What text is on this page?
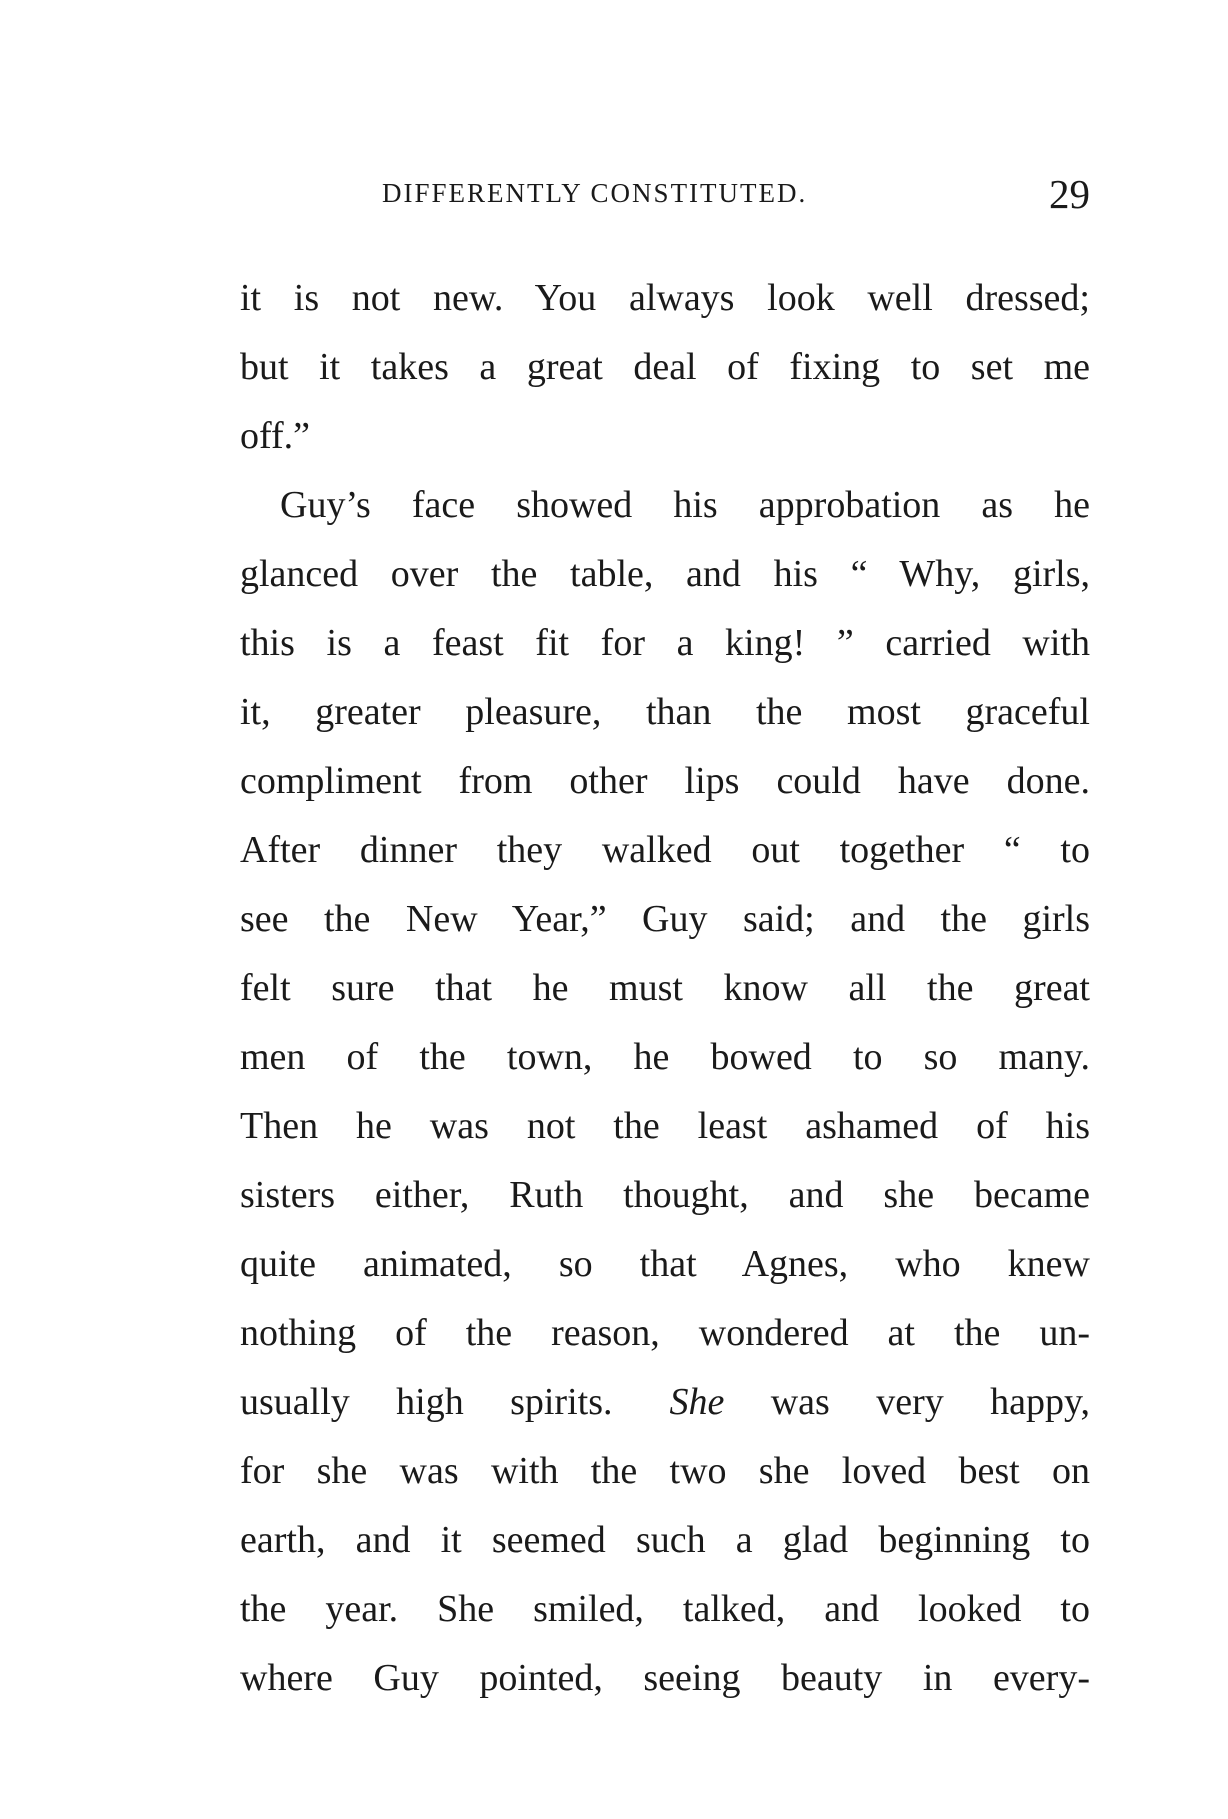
DIFFERENTLY CONSTITUTED.	29
it is not new. You always look well dressed;
but it takes a great deal of fixing to set me
off.”
Guy’s face showed his approbation as he
glanced over the table, and his “ Why, girls,
this is a feast fit for a king! ” carried with
it, greater pleasure, than the most graceful
compliment from other lips could have done.
After dinner they walked out together “ to
see the New Year,” Guy said; and the girls
felt sure that he must know all the great
men of the town, he bowed to so many.
Then he was not the least ashamed of his
sisters either, Ruth thought, and she became
quite animated, so that Agnes, who knew
nothing of the reason, wondered at the un-
usually high spirits.   She was very happy,
for she was with the two she loved best on
earth, and it seemed such a glad beginning to
the year. She smiled, talked, and looked to
where Guy pointed, seeing beauty in every-
